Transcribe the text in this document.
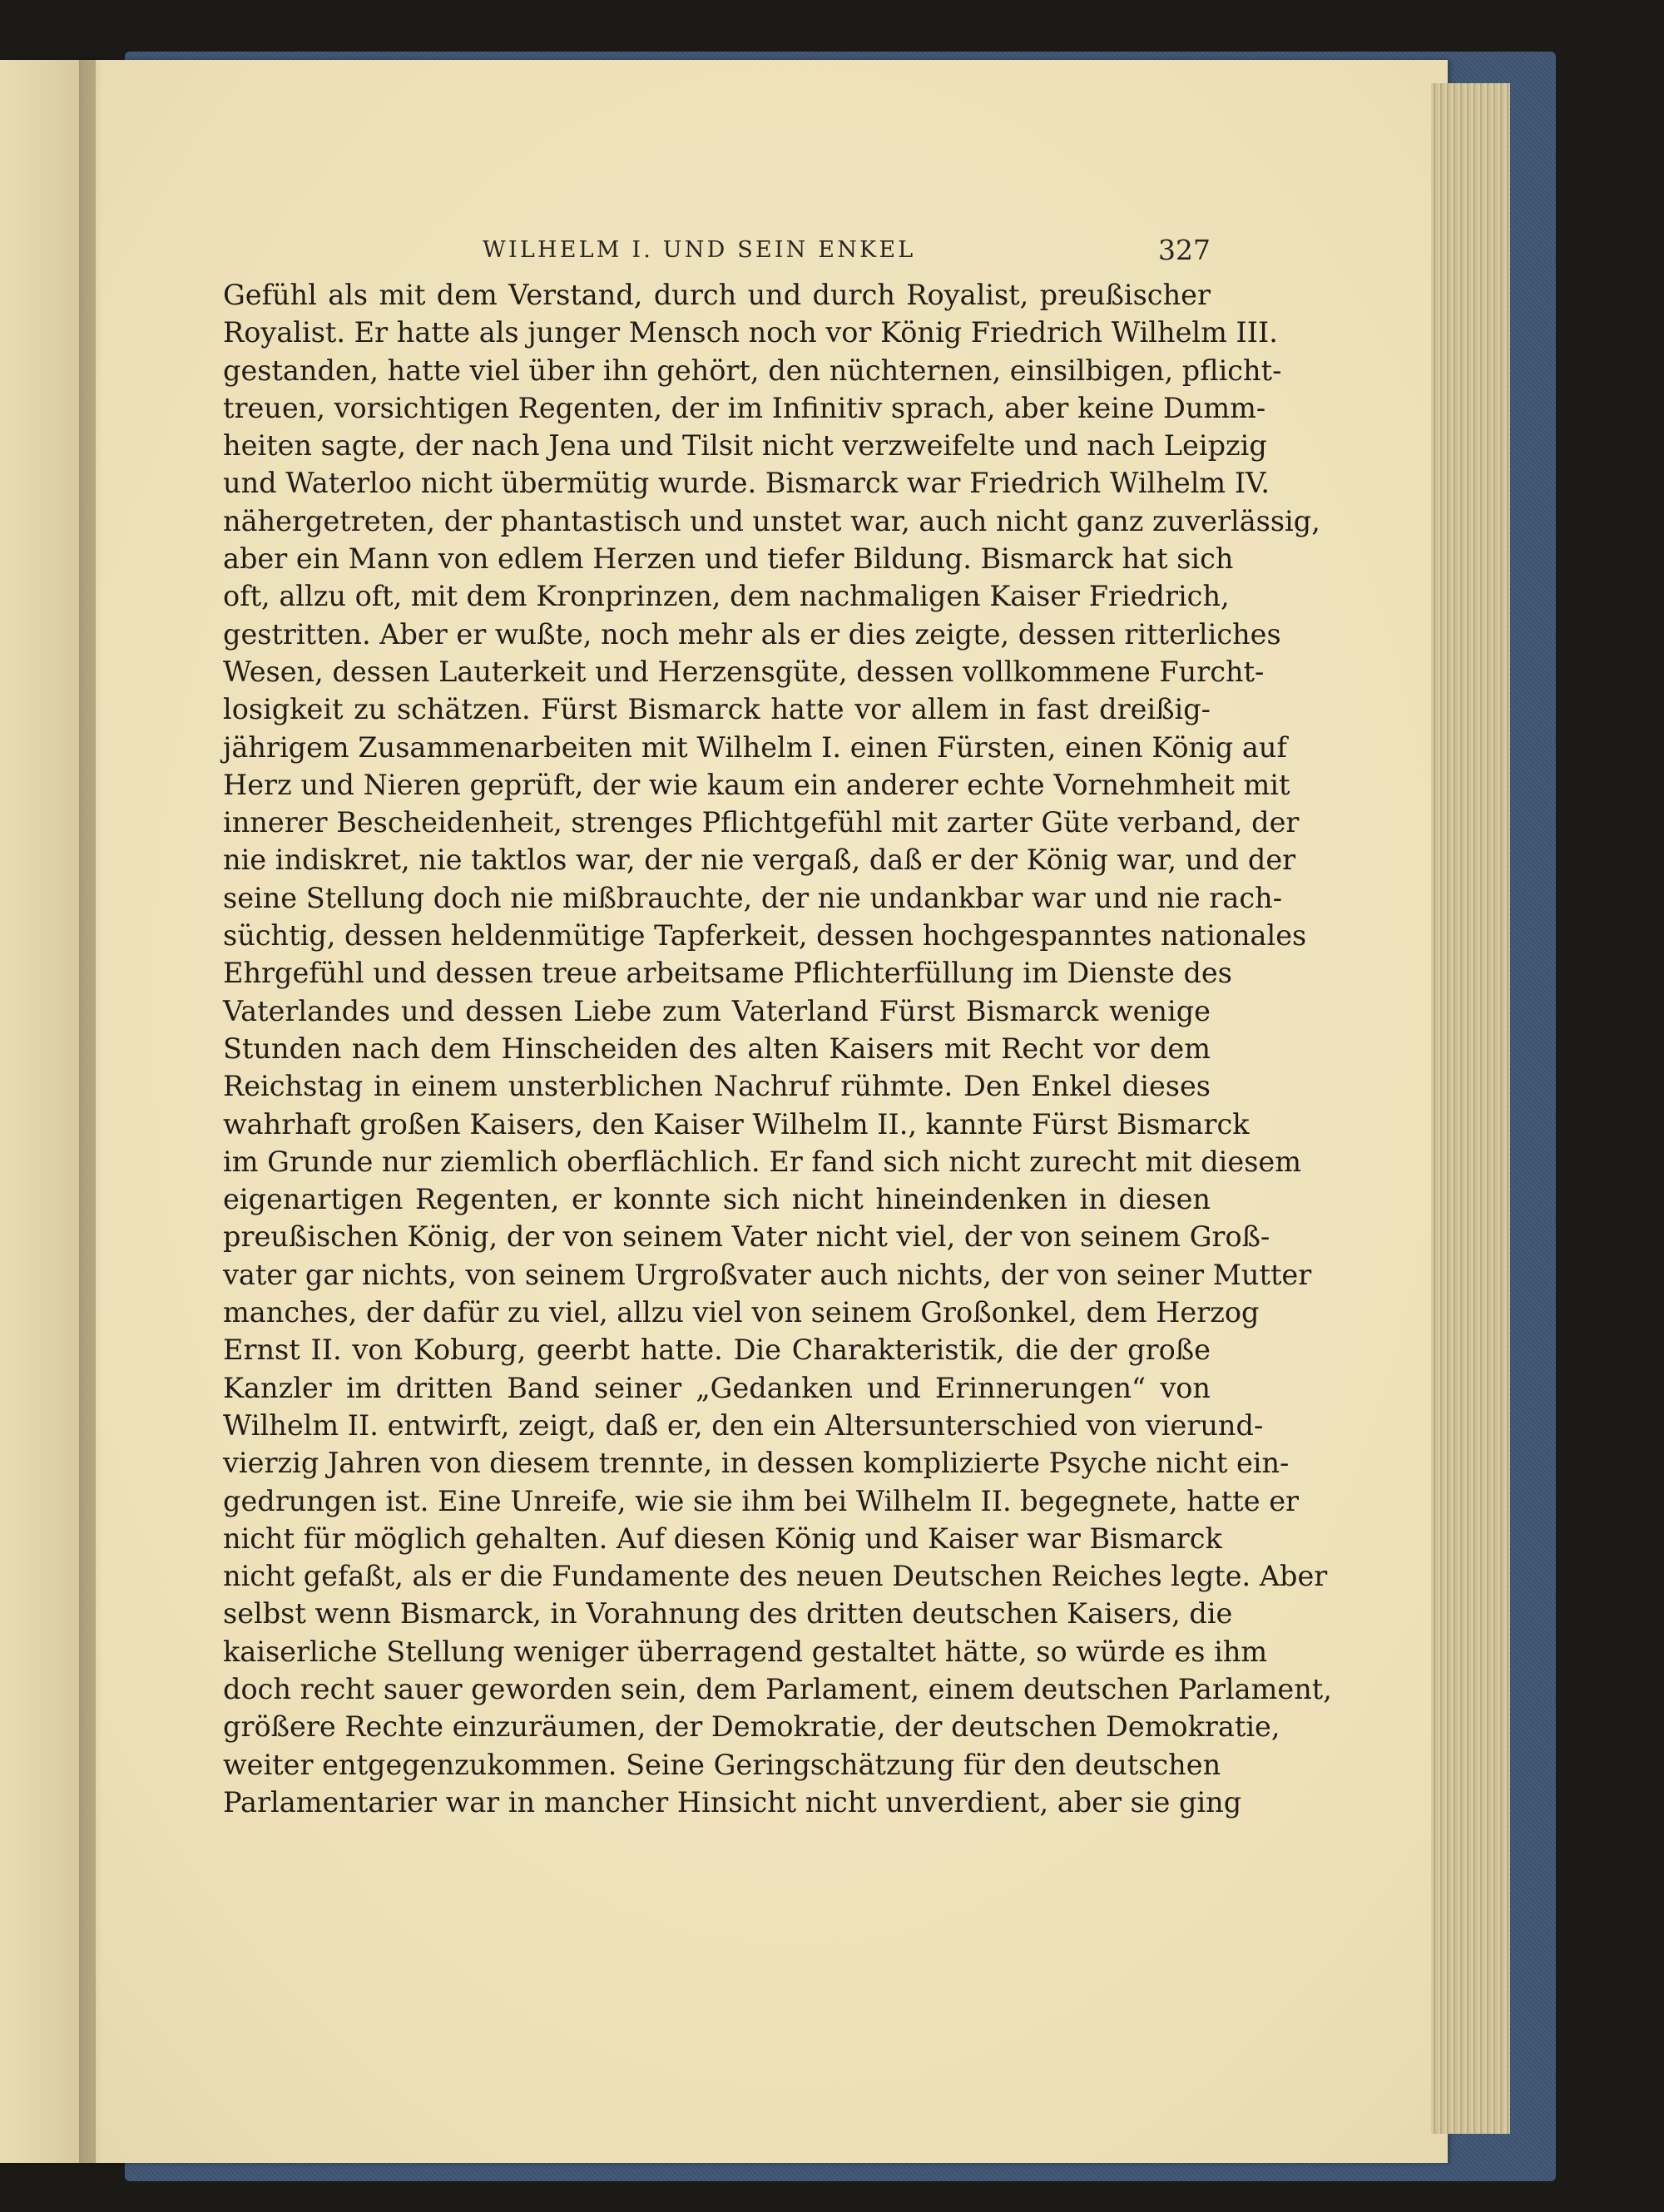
WILHELM I. UND SEIN ENKEL	327
Gefühl als mit dem Verstand, durch und durch Royalist, preußischer
Royalist. Er hatte als junger Mensch noch vor König Friedrich Wilhelm III.
gestanden, hatte viel über ihn gehört, den nüchternen, einsilbigen, pflicht-
treuen, vorsichtigen Regenten, der im Infinitiv sprach, aber keine Dumm-
heiten sagte, der nach Jena und Tilsit nicht verzweifelte und nach Leipzig
und Waterloo nicht übermütig wurde. Bismarck war Friedrich Wilhelm IV.
nähergetreten, der phantastisch und unstet war, auch nicht ganz zuverlässig,
aber ein Mann von edlem Herzen und tiefer Bildung. Bismarck hat sich
oft, allzu oft, mit dem Kronprinzen, dem nachmaligen Kaiser Friedrich,
gestritten. Aber er wußte, noch mehr als er dies zeigte, dessen ritterliches
Wesen, dessen Lauterkeit und Herzensgüte, dessen vollkommene Furcht-
losigkeit zu schätzen. Fürst Bismarck hatte vor allem in fast dreißig-
jährigem Zusammenarbeiten mit Wilhelm I. einen Fürsten, einen König auf
Herz und Nieren geprüft, der wie kaum ein anderer echte Vornehmheit mit
innerer Bescheidenheit, strenges Pflichtgefühl mit zarter Güte verband, der
nie indiskret, nie taktlos war, der nie vergaß, daß er der König war, und der
seine Stellung doch nie mißbrauchte, der nie undankbar war und nie rach-
süchtig, dessen heldenmütige Tapferkeit, dessen hochgespanntes nationales
Ehrgefühl und dessen treue arbeitsame Pflichterfüllung im Dienste des
Vaterlandes und dessen Liebe zum Vaterland Fürst Bismarck wenige
Stunden nach dem Hinscheiden des alten Kaisers mit Recht vor dem
Reichstag in einem unsterblichen Nachruf rühmte. Den Enkel dieses
wahrhaft großen Kaisers, den Kaiser Wilhelm II., kannte Fürst Bismarck
im Grunde nur ziemlich oberflächlich. Er fand sich nicht zurecht mit diesem
eigenartigen Regenten, er konnte sich nicht hineindenken in diesen
preußischen König, der von seinem Vater nicht viel, der von seinem Groß-
vater gar nichts, von seinem Urgroßvater auch nichts, der von seiner Mutter
manches, der dafür zu viel, allzu viel von seinem Großonkel, dem Herzog
Ernst II. von Koburg, geerbt hatte. Die Charakteristik, die der große
Kanzler im dritten Band seiner „Gedanken und Erinnerungen“ von
Wilhelm II. entwirft, zeigt, daß er, den ein Altersunterschied von vierund-
vierzig Jahren von diesem trennte, in dessen komplizierte Psyche nicht ein-
gedrungen ist. Eine Unreife, wie sie ihm bei Wilhelm II. begegnete, hatte er
nicht für möglich gehalten. Auf diesen König und Kaiser war Bismarck
nicht gefaßt, als er die Fundamente des neuen Deutschen Reiches legte. Aber
selbst wenn Bismarck, in Vorahnung des dritten deutschen Kaisers, die
kaiserliche Stellung weniger überragend gestaltet hätte, so würde es ihm
doch recht sauer geworden sein, dem Parlament, einem deutschen Parlament,
größere Rechte einzuräumen, der Demokratie, der deutschen Demokratie,
weiter entgegenzukommen. Seine Geringschätzung für den deutschen
Parlamentarier war in mancher Hinsicht nicht unverdient, aber sie ging
